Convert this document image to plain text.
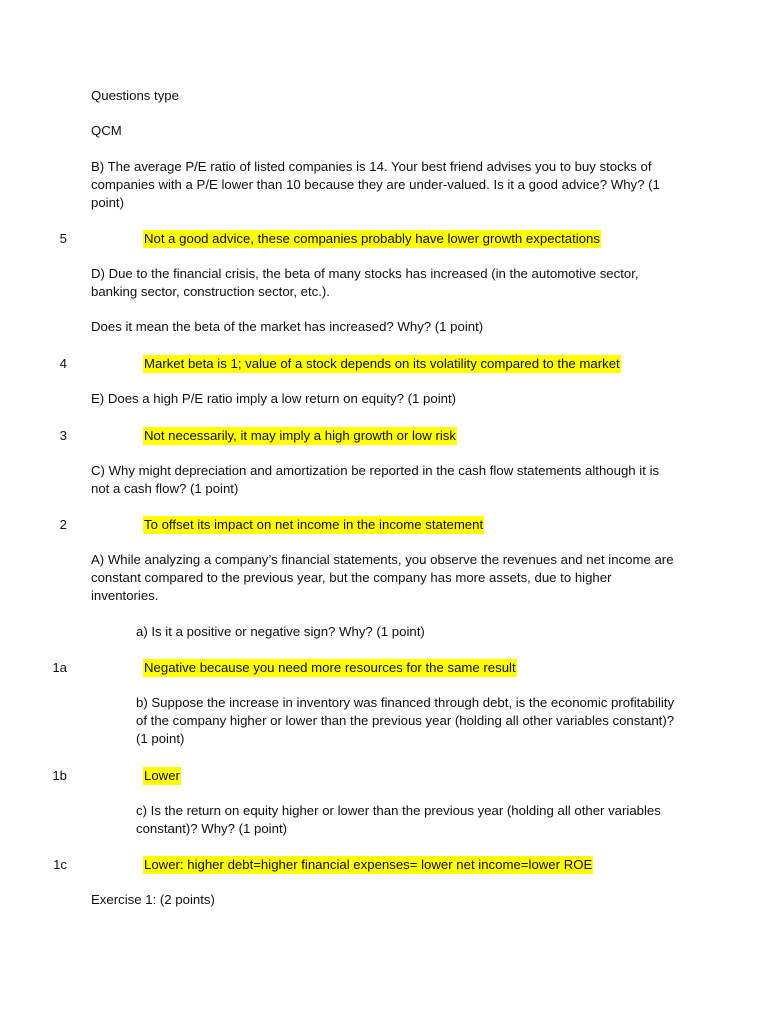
Questions type

QCM

B) The average P/E ratio of listed companies is 14. Your best friend advises you to buy stocks of companies with a P/E lower than 10 because they are under-valued. Is it a good advice? Why? (1 point)

5	Not a good advice, these companies probably have lower growth expectations

D) Due to the financial crisis, the beta of many stocks has increased (in the automotive sector, banking sector, construction sector, etc.).

Does it mean the beta of the market has increased? Why? (1 point)

4	Market beta is 1; value of a stock depends on its volatility compared to the market

E) Does a high P/E ratio imply a low return on equity? (1 point)

3	Not necessarily, it may imply a high growth or low risk

C) Why might depreciation and amortization be reported in the cash flow statements although it is not a cash flow? (1 point)

2	To offset its impact on net income in the income statement

A) While analyzing a company’s financial statements, you observe the revenues and net income are constant compared to the previous year, but the company has more assets, due to higher inventories.

a) Is it a positive or negative sign? Why? (1 point)

1a	Negative because you need more resources for the same result

b) Suppose the increase in inventory was financed through debt, is the economic profitability of the company higher or lower than the previous year (holding all other variables constant)? (1 point)

1b	Lower

c) Is the return on equity higher or lower than the previous year (holding all other variables constant)? Why? (1 point)

1c	Lower: higher debt=higher financial expenses= lower net income=lower ROE

Exercise 1: (2 points)
